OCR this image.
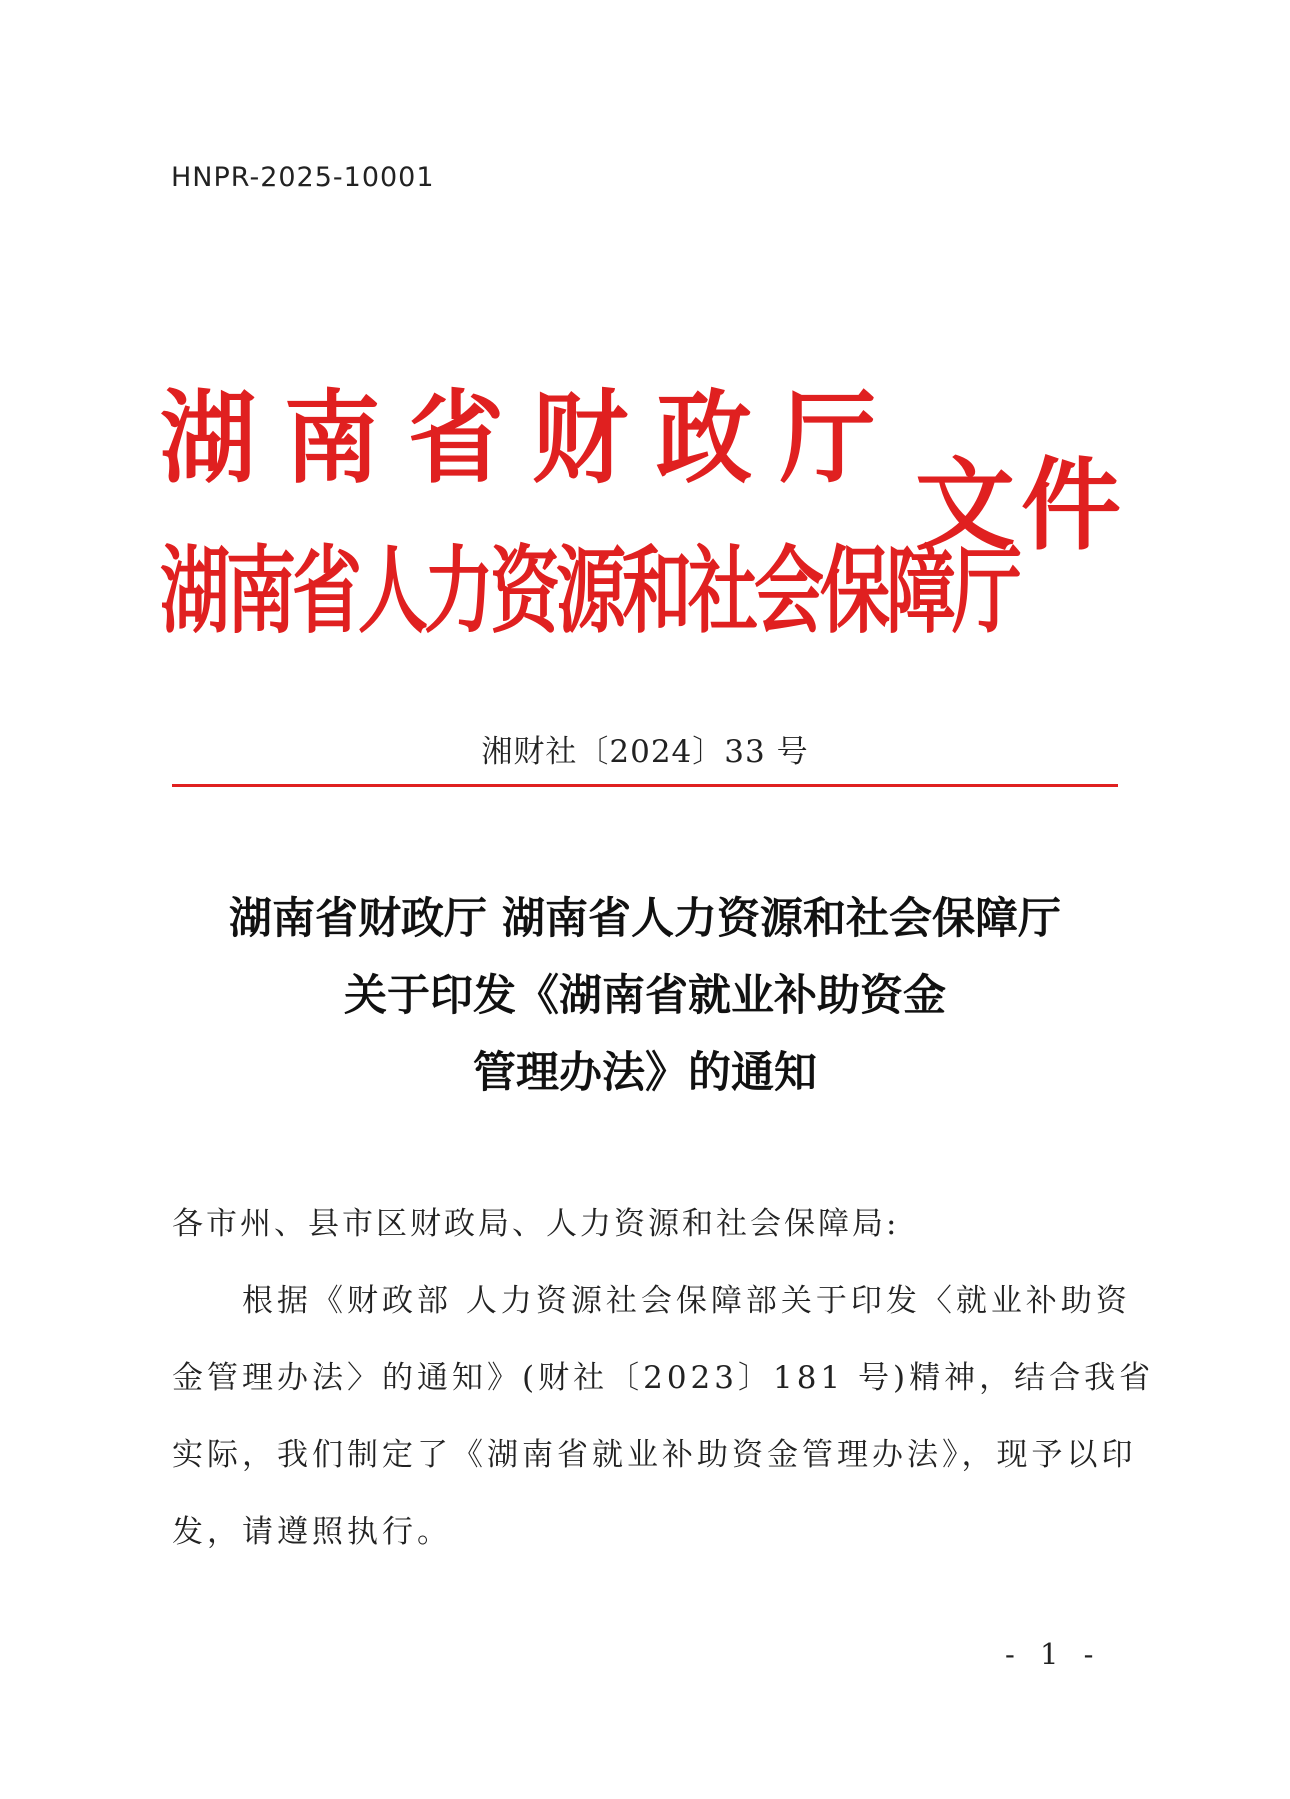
HNPR-2025-10001
湖南省财政厅
湖南省人力资源和社会保障厅
文件
湘财社〔2024〕33 号
湖南省财政厅 湖南省人力资源和社会保障厅
关于印发《湖南省就业补助资金
管理办法》的通知
各市州、县市区财政局、人力资源和社会保障局:
根据《财政部 人力资源社会保障部关于印发〈就业补助资
金管理办法〉的通知》(财社〔2023〕181 号)精神，结合我省
实际，我们制定了《湖南省就业补助资金管理办法》，现予以印
发，请遵照执行。
- 1 -
